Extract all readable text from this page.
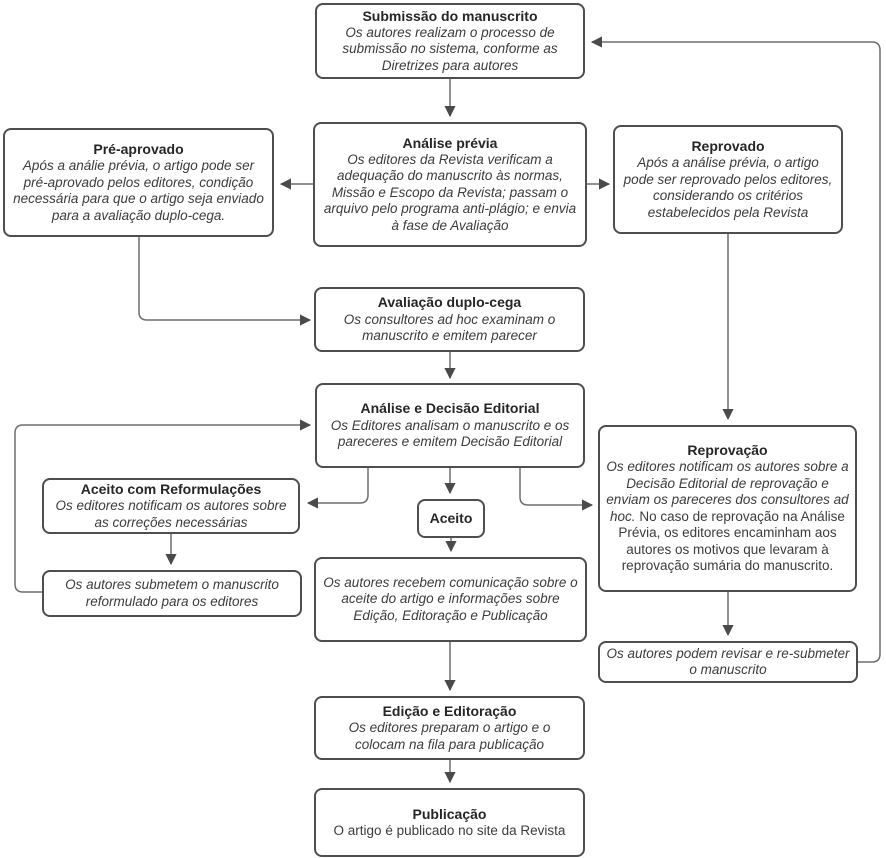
Submissão do manuscrito
Os autores realizam o processo de submissão no sistema, conforme as Diretrizes para autores
Análise prévia
Os editores da Revista verificam a adequação do manuscrito às normas, Missão e Escopo da Revista; passam o arquivo pelo programa anti-plágio; e envia à fase de Avaliação
Pré-aprovado
Após a análie prévia, o artigo pode ser pré-aprovado pelos editores, condição necessária para que o artigo seja enviado para a avaliação duplo-cega.
Reprovado
Após a análise prévia, o artigo pode ser reprovado pelos editores, considerando os critérios estabelecidos pela Revista
Avaliação duplo-cega
Os consultores ad hoc examinam o manuscrito e emitem parecer
Análise e Decisão Editorial
Os Editores analisam o manuscrito e os pareceres e emitem Decisão Editorial
Aceito com Reformulações
Os editores notificam os autores sobre as correções necessárias
Os autores submetem o manuscrito reformulado para os editores
Aceito
Os autores recebem comunicação sobre o aceite do artigo e informações sobre Edição, Editoração e Publicação
Reprovação
Os editores notificam os autores sobre a Decisão Editorial de reprovação e enviam os pareceres dos consultores ad hoc. No caso de reprovação na Análise Prévia, os editores encaminham aos autores os motivos que levaram à reprovação sumária do manuscrito.
Os autores podem revisar e re-submeter o manuscrito
Edição e Editoração
Os editores preparam o artigo e o colocam na fila para publicação
Publicação
O artigo é publicado no site da Revista
